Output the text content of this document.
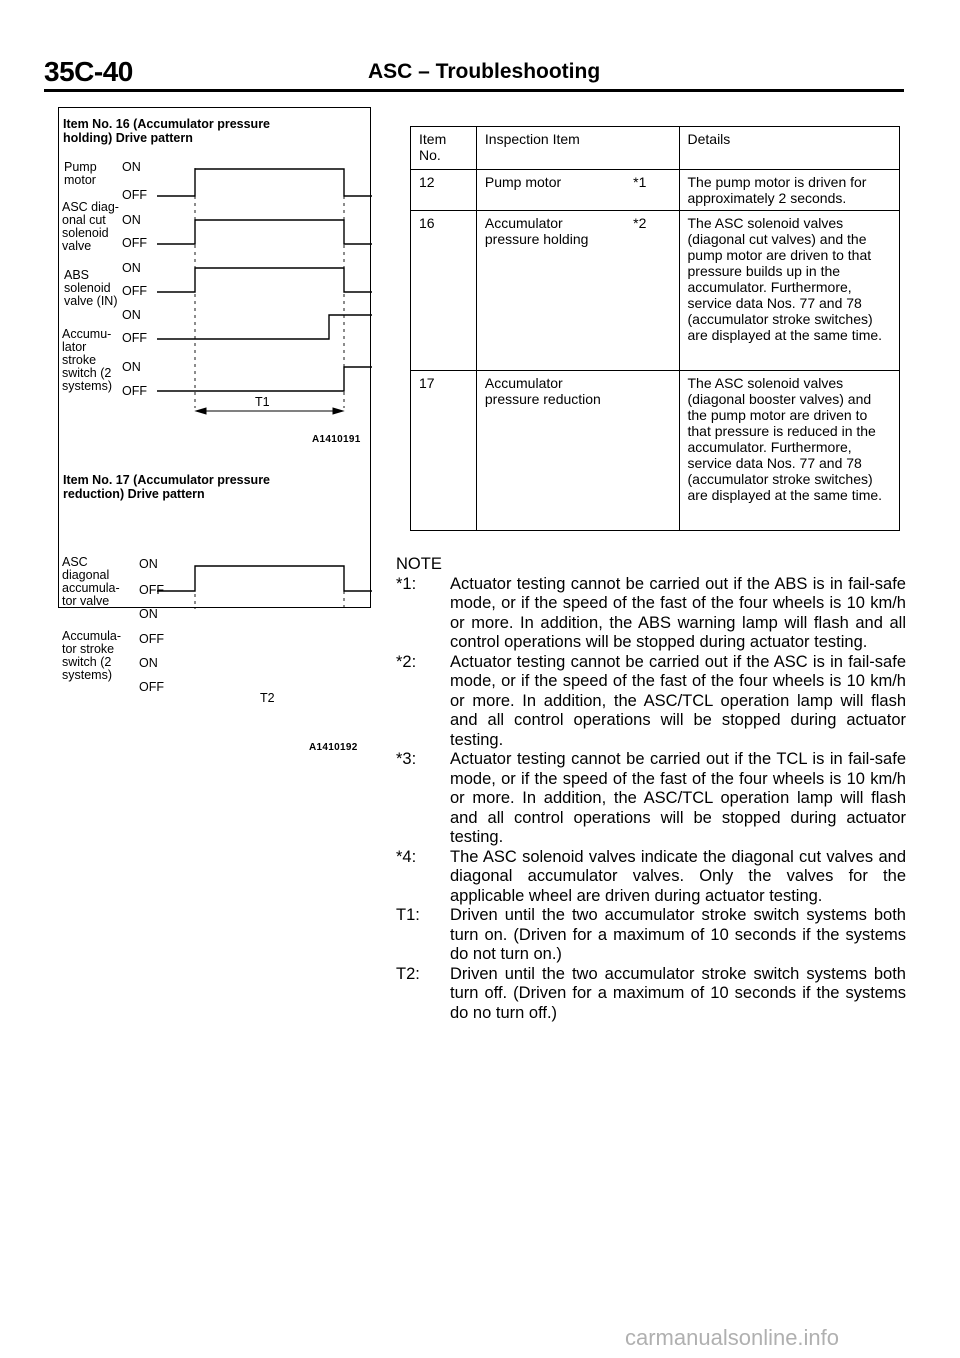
35C-40	ASC – Troubleshooting
Item No. 16 (Accumulator pressure
holding) Drive pattern
Pump
motor
ASC diag-
onal cut
solenoid
valve
ABS
solenoid
valve (IN)
Accumu-
lator
stroke
switch (2
systems)
ON
OFF
ON
OFF
ON
OFF
ON
OFF
ON
OFF
T1
A1410191
Item No. 17 (Accumulator pressure
reduction) Drive pattern
ASC
diagonal
accumula-
tor valve
Accumula-
tor stroke
switch (2
systems)
ON
OFF
ON
OFF
ON
OFF
T2
A1410192
Item No.	Inspection Item		Details
12	Pump motor	*1	The pump motor is driven for approximately 2 seconds.
16	Accumulator pressure holding	*2	The ASC solenoid valves (diagonal cut valves) and the pump motor are driven to that pressure builds up in the accumulator. Furthermore, service data Nos. 77 and 78 (accumulator stroke switches) are displayed at the same time.
17	Accumulator pressure reduction		The ASC solenoid valves (diagonal booster valves) and the pump motor are driven to that pressure is reduced in the accumulator. Furthermore, service data Nos. 77 and 78 (accumulator stroke switches) are displayed at the same time.
NOTE
*1:	Actuator testing cannot be carried out if the ABS is in fail-safe mode, or if the speed of the fast of the four wheels is 10 km/h or more. In addition, the ABS warning lamp will flash and all control operations will be stopped during actuator testing.
*2:	Actuator testing cannot be carried out if the ASC is in fail-safe mode, or if the speed of the fast of the four wheels is 10 km/h or more. In addition, the ASC/TCL operation lamp will flash and all control operations will be stopped during actuator testing.
*3:	Actuator testing cannot be carried out if the TCL is in fail-safe mode, or if the speed of the fast of the four wheels is 10 km/h or more. In addition, the ASC/TCL operation lamp will flash and all control operations will be stopped during actuator testing.
*4:	The ASC solenoid valves indicate the diagonal cut valves and diagonal accumulator valves. Only the valves for the applicable wheel are driven during actuator testing.
T1:	Driven until the two accumulator stroke switch systems both turn on. (Driven for a maximum of 10 seconds if the systems do not turn on.)
T2:	Driven until the two accumulator stroke switch systems both turn off. (Driven for a maximum of 10 seconds if the systems do no turn off.)
carmanualsonline.info
